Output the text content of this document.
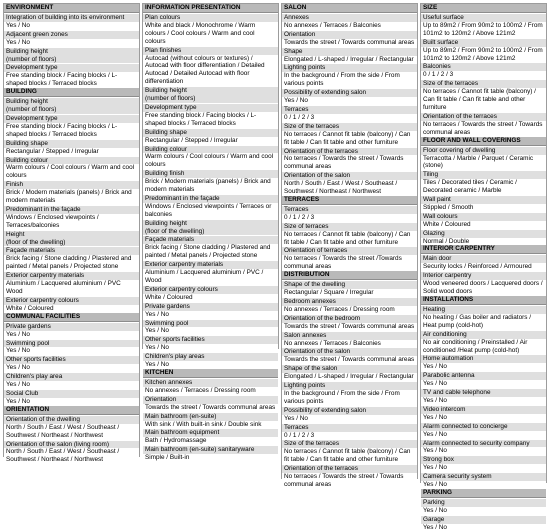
ENVIRONMENT
Integration of building into its environment
Yes / No
Adjacent green zones
Yes / No
Building height
(number of floors)
Development type
Free standing block / Facing blocks / L-shaped blocks / Terraced blocks
BUILDING
Building height
(number of floors)
Development type
Free standing block / Facing blocks / L-shaped blocks / Terraced blocks
Building shape
Rectangular / Stepped / Irregular
Building colour
Warm colours / Cool colours / Warm and cool colours
Finish
Brick / Modern materials (panels) / Brick and modern materials
Predominant in the façade
Windows / Enclosed viewpoints / Terraces/balconies
Height
(floor of the dwelling)
Façade materials
Brick facing / Stone cladding / Plastered and painted / Metal panels / Projected stone
Exterior carpentry materials
Aluminium / Lacquered aluminium / PVC Wood
Exterior carpentry colours
White / Coloured
COMMUNAL FACILITIES
Private gardens
Yes / No
Swimming pool
Yes / No
Other sports facilities
Yes / No
Children's play area
Yes / No
Social Club
Yes / No
ORIENTATION
Orientation of the dwelling
North / South / East / West / Southeast / Southwest / Northeast / Northwest
Orientation of the salon (living room)
North / South / East / West / Southeast / Southwest / Northeast / Northwest
INFORMATION PRESENTATION
Plan colours
White and black / Monochrome / Warm colours / Cool colours / Warm and cool colours
Plan finishes
Autocad (without colours or textures) / Autocad with floor differentiation / Detailed Autocad / Detailed Autocad with floor differentiation
Building height
(number of floors)
Development type
Free standing block / Facing blocks / L-shaped blocks / Terraced blocks
Building shape
Rectangular / Stepped / Irregular
Building colour
Warm colours / Cool colours / Warm and cool colours
Building finish
Brick / Modern materials (panels) / Brick and modern materials
Predominant in the façade
Windows / Enclosed viewpoints / Terraces or balconies
Building height
(floor of the dwelling)
Façade materials
Brick facing / Stone cladding / Plastered and painted / Metal panels / Projected stone
Exterior carpentry materials
Aluminium / Lacquered aluminium / PVC / Wood
Exterior carpentry colours
White / Coloured
Private gardens
Yes / No
Swimming pool
Yes / No
Other sports facilities
Yes / No
Children's play areas
Yes / No
KITCHEN
Kitchen annexes
No annexes / Terraces / Dressing room
Orientation
Towards the street / Towards communal areas
Main bathroom (en-suite)
With sink / With built-in sink / Double sink
Main bathroom equipment
Bath / Hydromassage
Main bathroom (en-suite) sanitaryware
Simple / Built-in
SALON
Annexes
No annexes / Terraces / Balconies
Orientation
Towards the street / Towards communal areas
Shape
Elongated / L-shaped / Irregular / Rectangular
Lighting points
In the background / From the side / From various points
Possibility of extending salon
Yes / No
Terraces
0 / 1 / 2 / 3
Size of the terraces
No terraces / Cannot fit table (balcony) / Can fit table / Can fit table and other furniture
Orientation of the terraces
No terraces / Towards the street / Towards communal areas
Orientation of the salon
North / South / East / West / Southeast / Southwest / Northeast / Northwest
TERRACES
Terraces
0 / 1 / 2 / 3
Size of terraces
No terraces / Cannot fit table (balcony) / Can fit table / Can fit table and other furniture
Orientation of terraces
No terraces / Towards the street /Towards communal areas
DISTRIBUTION
Shape of the dwelling
Rectangular / Square / Irregular
Bedroom annexes
No annexes / Terraces / Dressing room
Orientation of the bedroom
Towards the street / Towards communal areas
Salon annexes
No annexes / Terraces / Balconies
Orientation of the salon
Towards the street / Towards communal areas
Shape of the salon
Elongated / L-shaped / Irregular / Rectangular
Lighting points
In the background / From the side / From various points
Possibility of extending salon
Yes / No
Terraces
0 / 1 / 2 / 3
Size of the terraces
No terraces / Cannot fit table (balcony) / Can fit table / Can fit table and other furniture
Orientation of the terraces
No terraces / Towards the street / Towards communal areas
SIZE
Useful surface
Up to 89m2 / From 90m2 to 100m2 / From 101m2 to 120m2 / Above 121m2
Built surface
Up to 89m2 / From 90m2 to 100m2 / From 101m2 to 120m2 / Above 121m2
Balconies
0 / 1 / 2 / 3
Size of the terraces
No terraces / Cannot fit table (balcony) / Can fit table / Can fit table and other furniture
Orientation of the terraces
No terraces / Towards the street / Towards communal areas
FLOOR AND WALL COVERINGS
Floor covering of dwelling
Terracotta / Marble / Parquet / Ceramic (stone)
Tiling
Tiles / Decorated tiles / Ceramic / Decorated ceramic / Marble
Wall paint
Stippled / Smooth
Wall colours
White / Coloured
Glazing
Normal / Double
INTERIOR CARPENTRY
Main door
Security locks / Reinforced / Armoured
Interior carpentry
Wood veneered doors / Lacquered doors / Solid wood doors
INSTALLATIONS
Heating
No heating / Gas boiler and radiators / Heat pump (cold-hot)
Air conditioning
No air conditioning / Preinstalled / Air conditioned /Heat pump (cold-hot)
Home automation
Yes / No
Parabolic antenna
Yes / No
TV and cable telephone
Yes / No
Video intercom
Yes / No
Alarm connected to concierge
Yes / No
Alarm connected to security company
Yes / No
Strong box
Yes / No
Camera security system
Yes / No
PARKING
Parking
Yes / No
Garage
Yes / No
